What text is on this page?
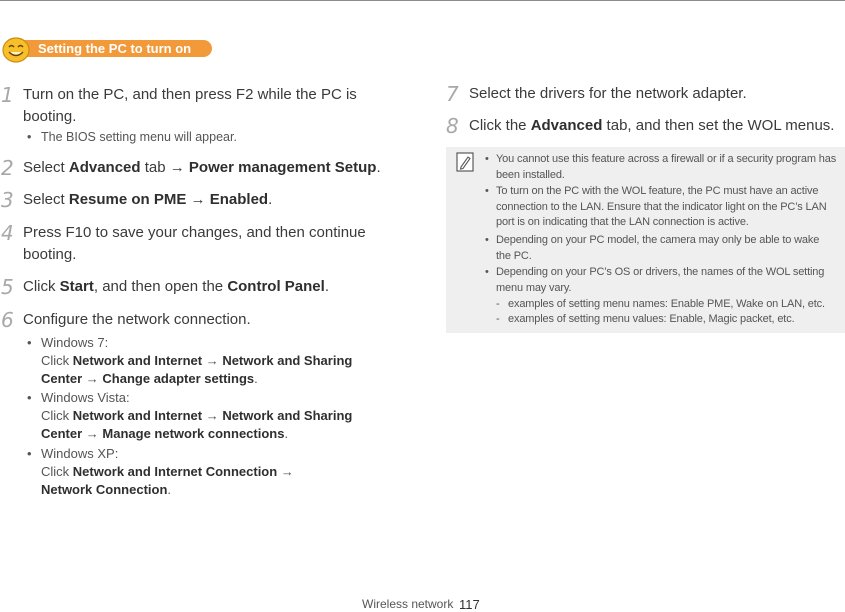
Setting the PC to turn on
1 Turn on the PC, and then press F2 while the PC is
booting.
• The BIOS setting menu will appear.
2 Select Advanced tab → Power management Setup.
3 Select Resume on PME → Enabled.
4 Press F10 to save your changes, and then continue
booting.
5 Click Start, and then open the Control Panel.
6 Configure the network connection.
• Windows 7:
Click Network and Internet → Network and Sharing
Center → Change adapter settings.
• Windows Vista:
Click Network and Internet → Network and Sharing
Center → Manage network connections.
• Windows XP:
Click Network and Internet Connection →
Network Connection.
7 Select the drivers for the network adapter.
8 Click the Advanced tab, and then set the WOL menus.
• You cannot use this feature across a firewall or if a security program has
been installed.
• To turn on the PC with the WOL feature, the PC must have an active
connection to the LAN. Ensure that the indicator light on the PC’s LAN
port is on indicating that the LAN connection is active.
• Depending on your PC model, the camera may only be able to wake
the PC.
• Depending on your PC’s OS or drivers, the names of the WOL setting
menu may vary.
- examples of setting menu names: Enable PME, Wake on LAN, etc.
- examples of setting menu values: Enable, Magic packet, etc.
Wireless network 117
